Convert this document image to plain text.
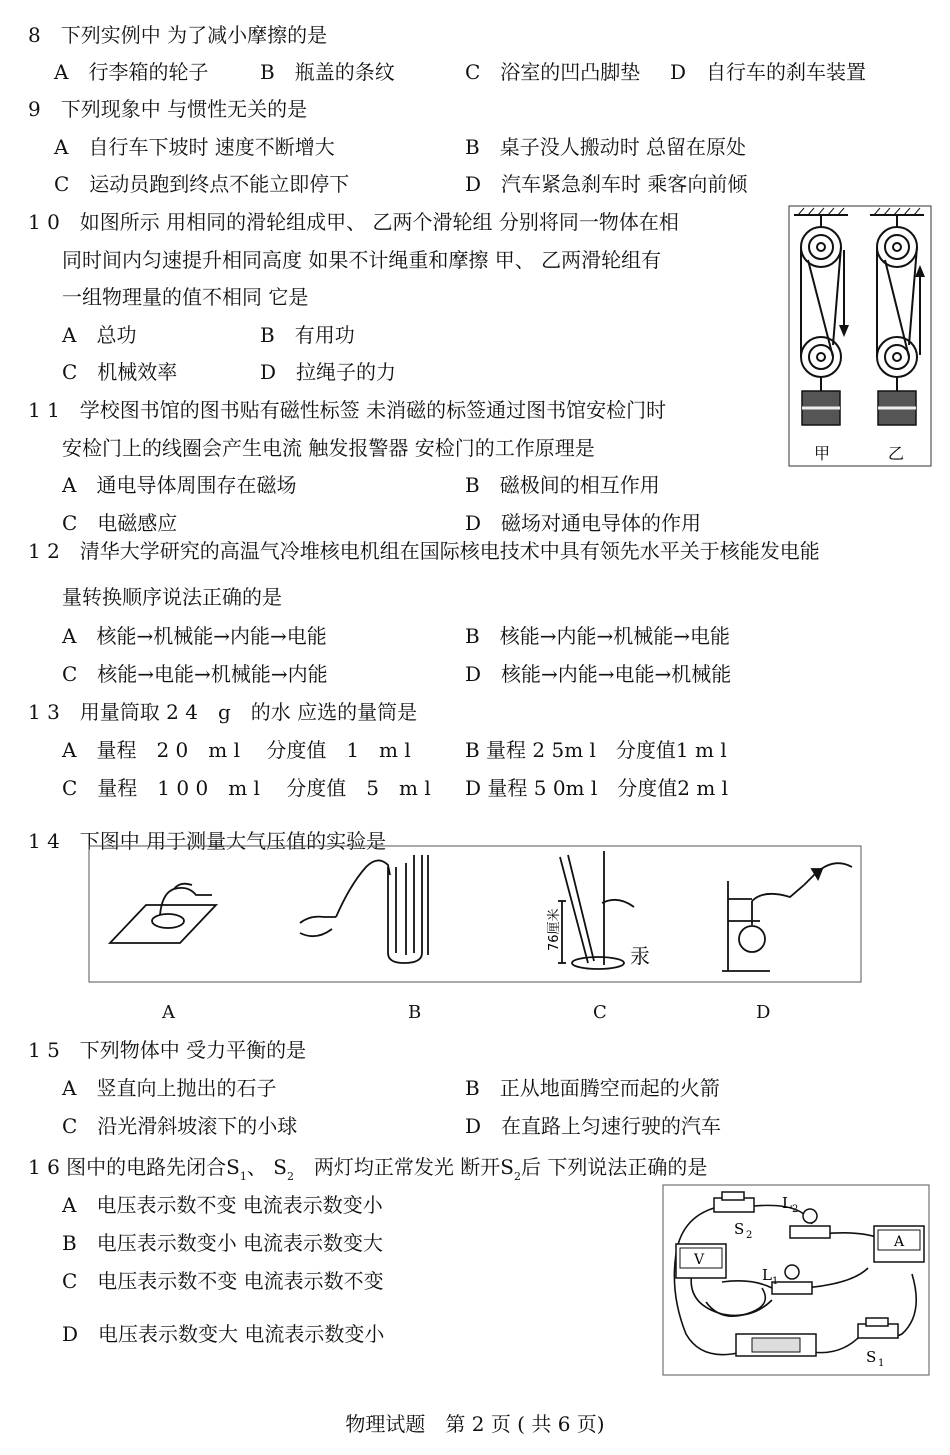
8　下列实例中 为了减小摩擦的是
A　行李箱的轮子	B　瓶盖的条纹	C　浴室的凹凸脚垫 D　自行车的刹车装置
9　下列现象中 与惯性无关的是
A　自行车下坡时 速度不断增大	B　桌子没人搬动时 总留在原处
C　运动员跑到终点不能立即停下	D　汽车紧急刹车时 乘客向前倾
1 0　如图所示 用相同的滑轮组成甲、 乙两个滑轮组 分别将同一物体在相
同时间内匀速提升相同高度 如果不计绳重和摩擦 甲、 乙两滑轮组有
一组物理量的值不相同 它是
A　总功	B　有用功
C　机械效率	D　拉绳子的力
甲	乙
1 1　学校图书馆的图书贴有磁性标签 未消磁的标签通过图书馆安检门时
安检门上的线圈会产生电流 触发报警器 安检门的工作原理是
A　通电导体周围存在磁场	B　磁极间的相互作用
C　电磁感应	D　磁场对通电导体的作用
1 2　清华大学研究的高温气冷堆核电机组在国际核电技术中具有领先水平关于核能发电能
量转换顺序说法正确的是
A　核能→机械能→内能→电能	B　核能→内能→机械能→电能
C　核能→电能→机械能→内能	D　核能→内能→电能→机械能
1 3　用量筒取 2 4　g　的水 应选的量筒是
A　量程　2 0　m l　 分度值　1　m l	B 量程 2 5m l　分度值1 m l
C　量程　1 0 0　m l　 分度值　5　m l D 量程 5 0m l　分度值2 m l
1 4　下图中 用于测量大气压值的实验是
76厘米
汞
A	B	C	D
1 5　下列物体中 受力平衡的是
A　竖直向上抛出的石子	B　正从地面腾空而起的火箭
C　沿光滑斜坡滚下的小球	D　在直路上匀速行驶的汽车
1 6 图中的电路先闭合$S_1$、 $S_2$　两灯均正常发光 断开$S_2$后 下列说法正确的是
A　电压表示数不变 电流表示数变小
B　电压表示数变小 电流表示数变大
C　电压表示数不变 电流表示数不变
D　电压表示数变大 电流表示数变小
S 2
L 2
V
A
L 1
S 1
物理试题　第 2 页 ( 共 6 页)
